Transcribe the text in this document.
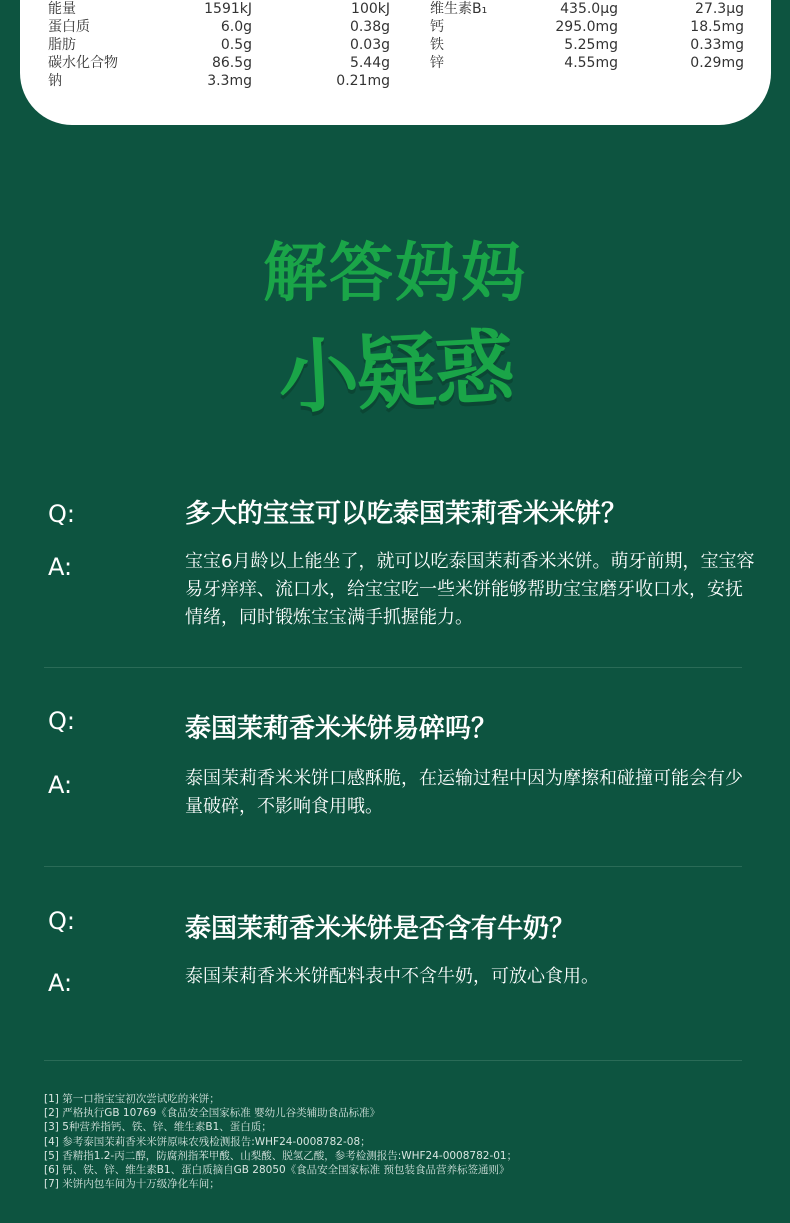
能量	1591kJ	100kJ
蛋白质	6.0g	0.38g
脂肪	0.5g	0.03g
碳水化合物	86.5g	5.44g
钠	3.3mg	0.21mg
维生素B₁	435.0μg	27.3μg
钙	295.0mg	18.5mg
铁	5.25mg	0.33mg
锌	4.55mg	0.29mg
解答妈妈
小疑惑
Q:	多大的宝宝可以吃泰国茉莉香米米饼？
A:	宝宝6月龄以上能坐了，就可以吃泰国茉莉香米米饼。萌牙前期，宝宝容易牙痒痒、流口水，给宝宝吃一些米饼能够帮助宝宝磨牙收口水，安抚情绪，同时锻炼宝宝满手抓握能力。
Q:	泰国茉莉香米米饼易碎吗？
A:	泰国茉莉香米米饼口感酥脆，在运输过程中因为摩擦和碰撞可能会有少量破碎，不影响食用哦。
Q:	泰国茉莉香米米饼是否含有牛奶？
A:	泰国茉莉香米米饼配料表中不含牛奶，可放心食用。
[1] 第一口指宝宝初次尝试吃的米饼；
[2] 严格执行GB 10769《食品安全国家标准 婴幼儿谷类辅助食品标准》
[3] 5种营养指钙、铁、锌、维生素B1、蛋白质；
[4] 参考泰国茉莉香米米饼原味农残检测报告:WHF24-0008782-08；
[5] 香精指1.2-丙二醇，防腐剂指苯甲酸、山梨酸、脱氢乙酸，参考检测报告:WHF24-0008782-01；
[6] 钙、铁、锌、维生素B1、蛋白质摘自GB 28050《食品安全国家标准 预包装食品营养标签通则》
[7] 米饼内包车间为十万级净化车间；
